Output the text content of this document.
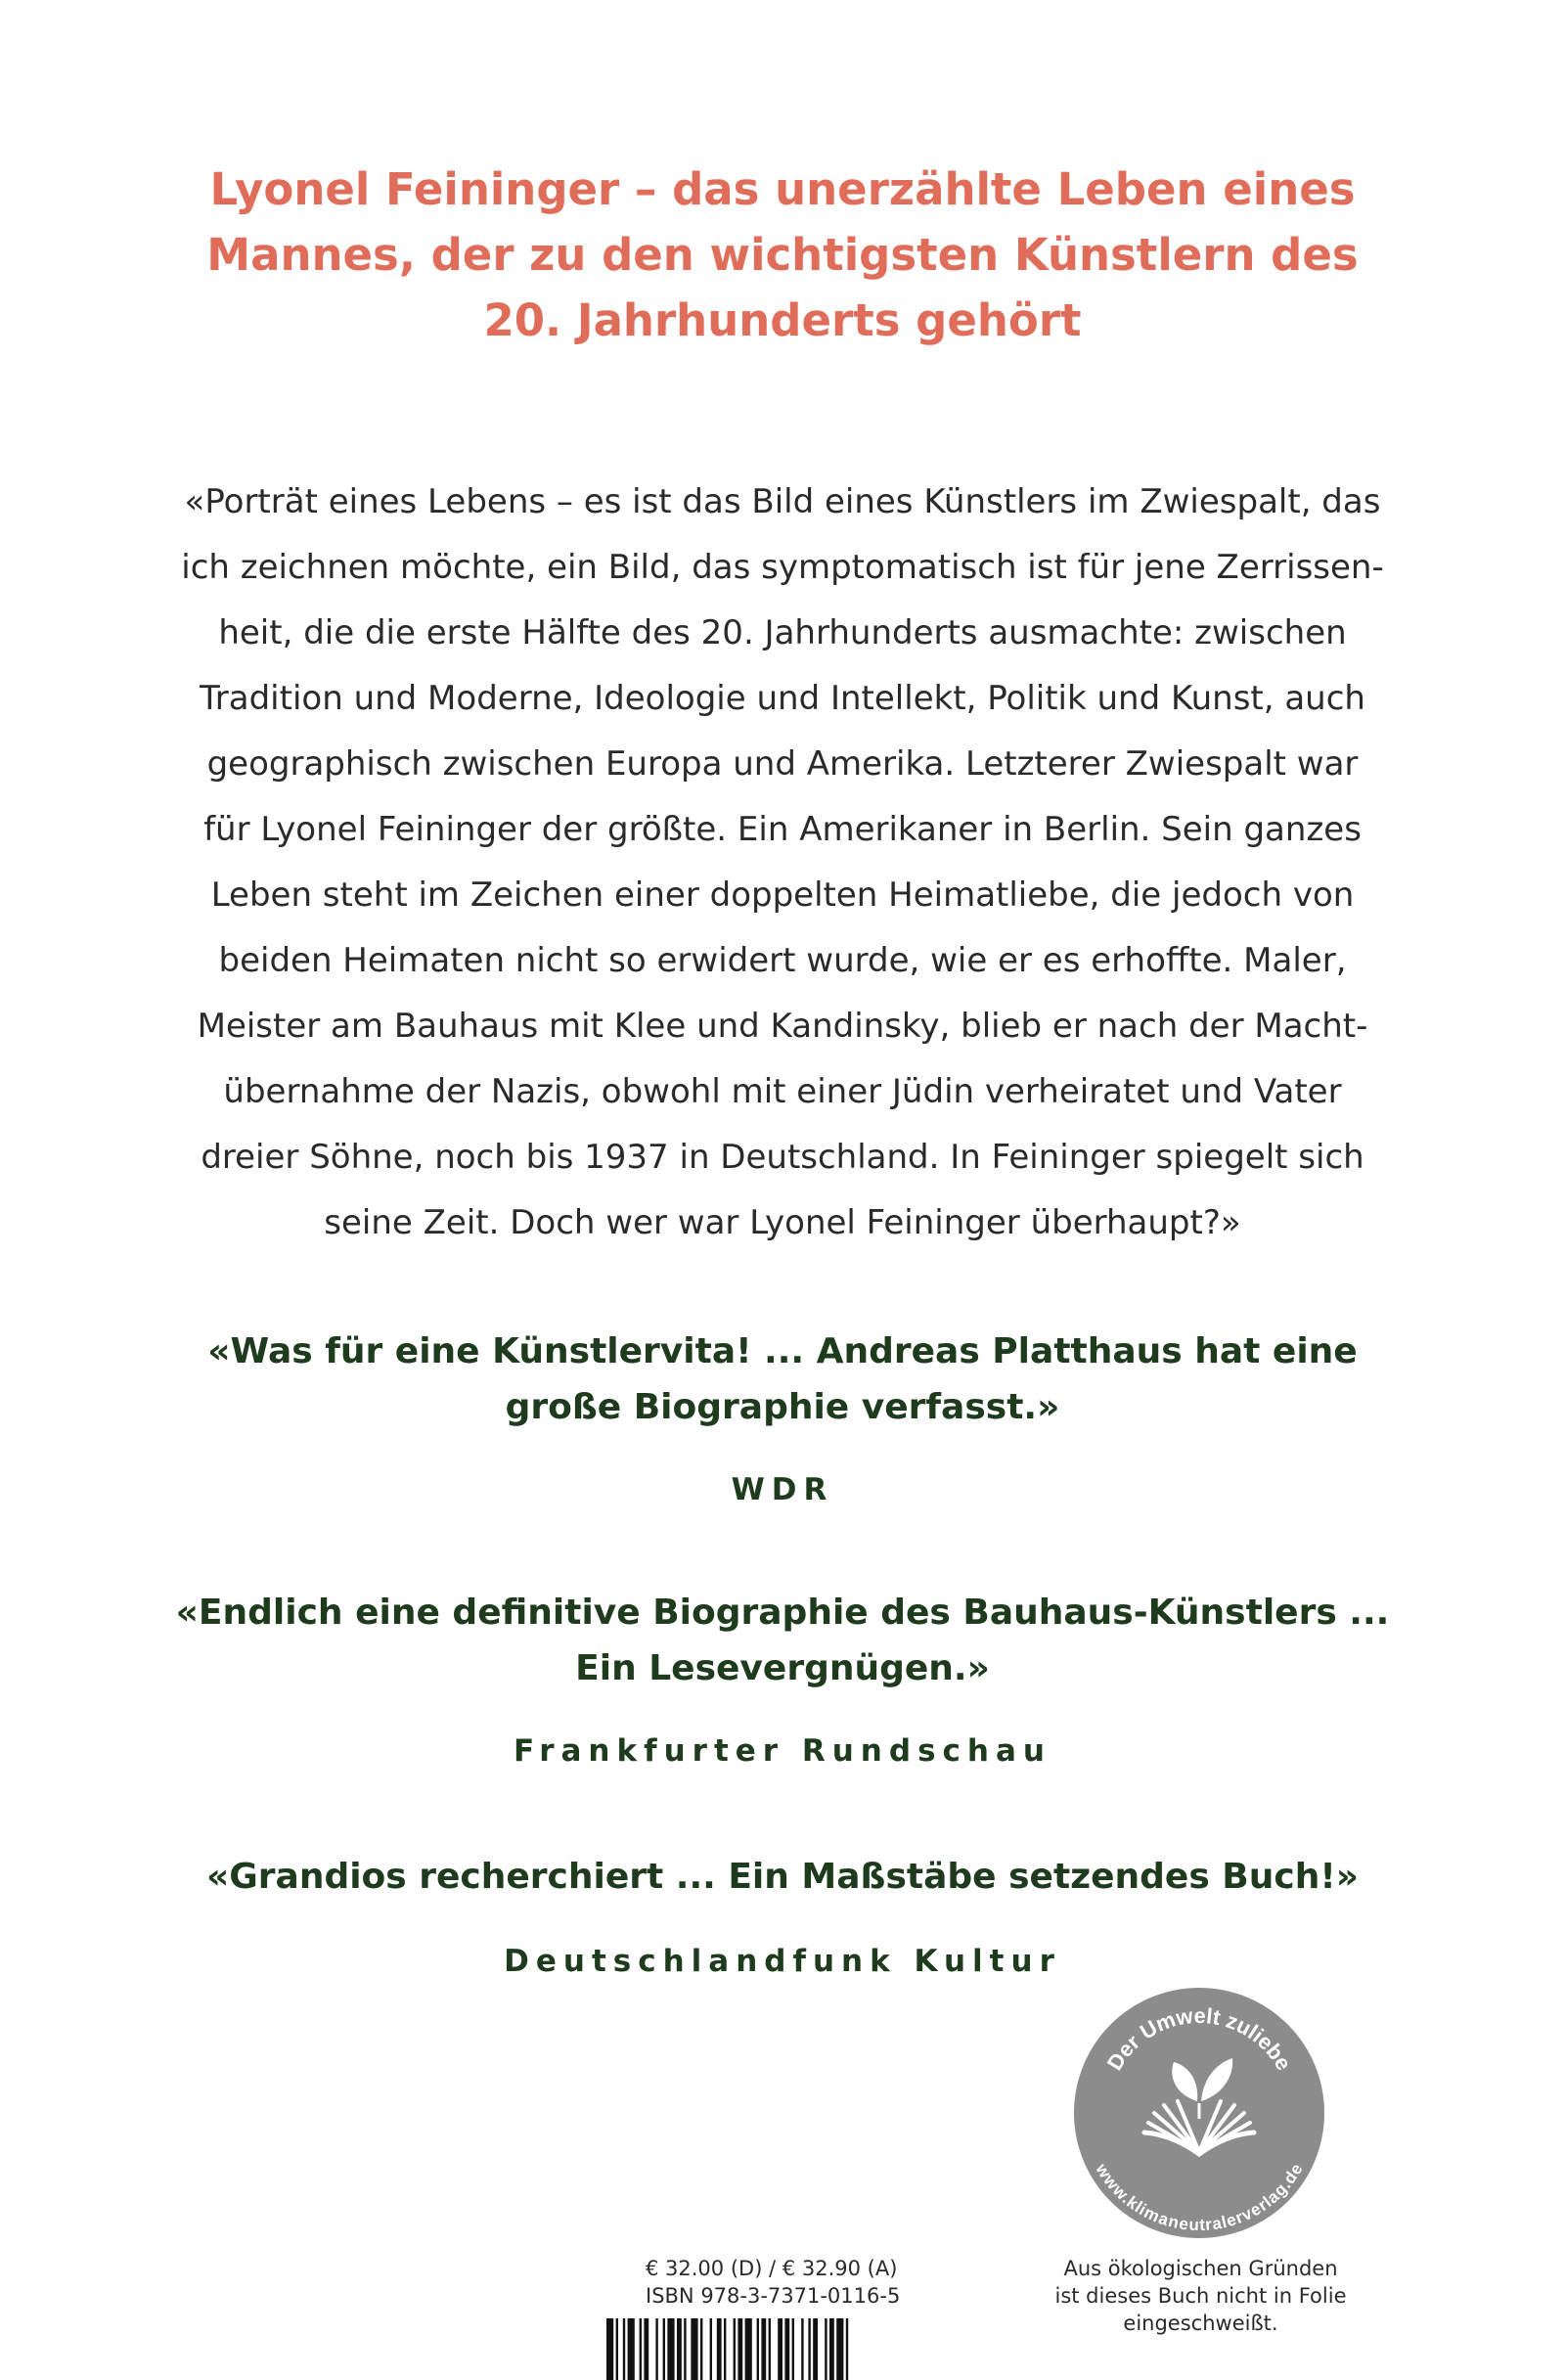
Lyonel Feininger – das unerzählte Leben eines
Mannes, der zu den wichtigsten Künstlern des
20. Jahrhunderts gehört
«Porträt eines Lebens – es ist das Bild eines Künstlers im Zwiespalt, das
ich zeichnen möchte, ein Bild, das symptomatisch ist für jene Zerrissen-
heit, die die erste Hälfte des 20. Jahrhunderts ausmachte: zwischen
Tradition und Moderne, Ideologie und Intellekt, Politik und Kunst, auch
geographisch zwischen Europa und Amerika. Letzterer Zwiespalt war
für Lyonel Feininger der größte. Ein Amerikaner in Berlin. Sein ganzes
Leben steht im Zeichen einer doppelten Heimatliebe, die jedoch von
beiden Heimaten nicht so erwidert wurde, wie er es erhoffte. Maler,
Meister am Bauhaus mit Klee und Kandinsky, blieb er nach der Macht-
übernahme der Nazis, obwohl mit einer Jüdin verheiratet und Vater
dreier Söhne, noch bis 1937 in Deutschland. In Feininger spiegelt sich
seine Zeit. Doch wer war Lyonel Feininger überhaupt?»
«Was für eine Künstlervita! ... Andreas Platthaus hat eine
große Biographie verfasst.»
WDR
«Endlich eine definitive Biographie des Bauhaus-Künstlers ...
Ein Lesevergnügen.»
Frankfurter Rundschau
«Grandios recherchiert ... Ein Maßstäbe setzendes Buch!»
Deutschlandfunk Kultur
Der Umwelt zuliebe
www.klimaneutralerverlag.de
Aus ökologischen Gründen
ist dieses Buch nicht in Folie
eingeschweißt.
€ 32.00 (D) / € 32.90 (A)
ISBN 978-3-7371-0116-5
